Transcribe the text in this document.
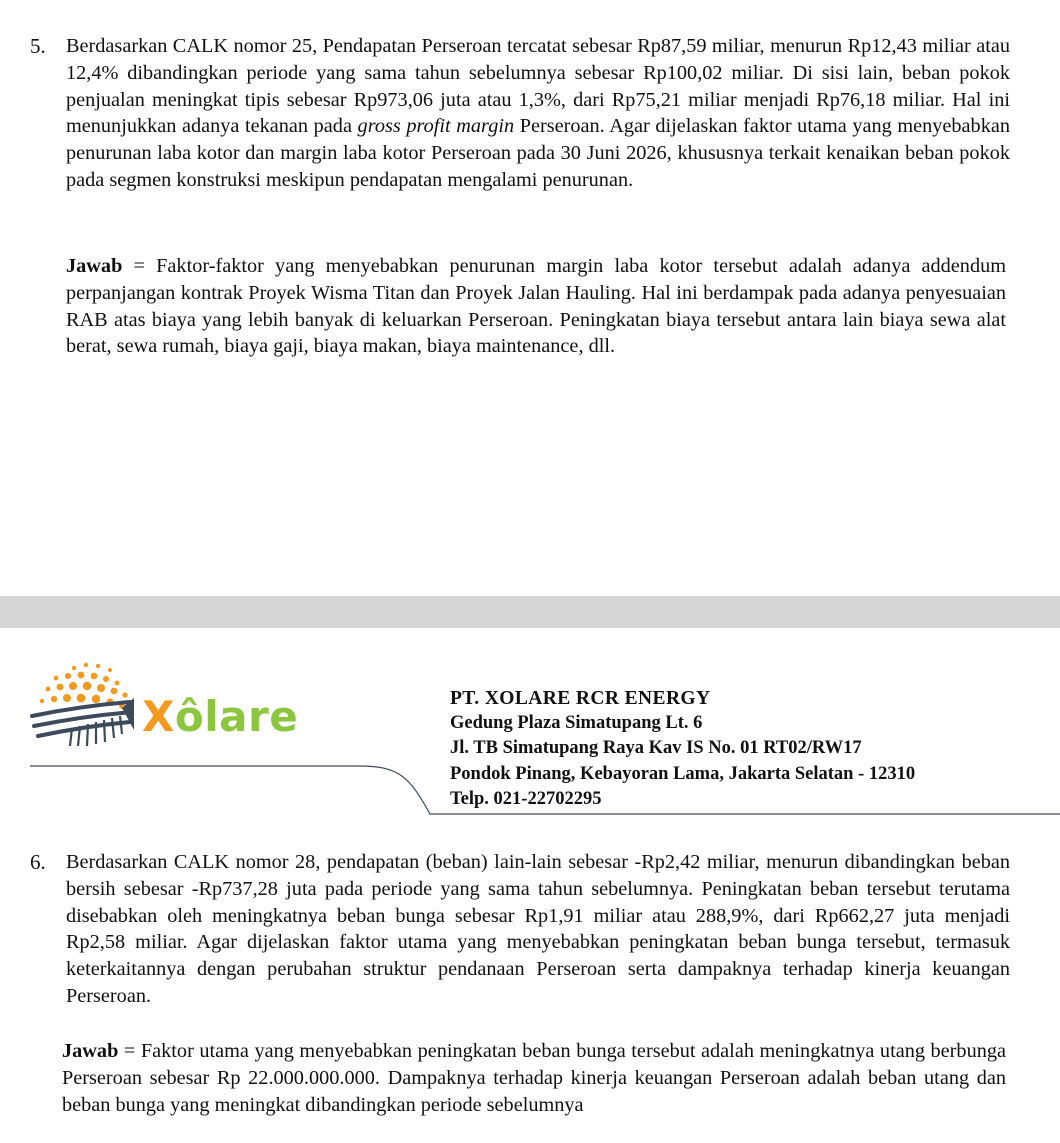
5. Berdasarkan CALK nomor 25, Pendapatan Perseroan tercatat sebesar Rp87,59 miliar, menurun Rp12,43 miliar atau 12,4% dibandingkan periode yang sama tahun sebelumnya sebesar Rp100,02 miliar. Di sisi lain, beban pokok penjualan meningkat tipis sebesar Rp973,06 juta atau 1,3%, dari Rp75,21 miliar menjadi Rp76,18 miliar. Hal ini menunjukkan adanya tekanan pada gross profit margin Perseroan. Agar dijelaskan faktor utama yang menyebabkan penurunan laba kotor dan margin laba kotor Perseroan pada 30 Juni 2026, khususnya terkait kenaikan beban pokok pada segmen konstruksi meskipun pendapatan mengalami penurunan.
Jawab = Faktor-faktor yang menyebabkan penurunan margin laba kotor tersebut adalah adanya addendum perpanjangan kontrak Proyek Wisma Titan dan Proyek Jalan Hauling. Hal ini berdampak pada adanya penyesuaian RAB atas biaya yang lebih banyak di keluarkan Perseroan. Peningkatan biaya tersebut antara lain biaya sewa alat berat, sewa rumah, biaya gaji, biaya makan, biaya maintenance, dll.
Xôlare	PT. XOLARE RCR ENERGY
Gedung Plaza Simatupang Lt. 6
Jl. TB Simatupang Raya Kav IS No. 01 RT02/RW17
Pondok Pinang, Kebayoran Lama, Jakarta Selatan - 12310
Telp. 021-22702295
6. Berdasarkan CALK nomor 28, pendapatan (beban) lain-lain sebesar -Rp2,42 miliar, menurun dibandingkan beban bersih sebesar -Rp737,28 juta pada periode yang sama tahun sebelumnya. Peningkatan beban tersebut terutama disebabkan oleh meningkatnya beban bunga sebesar Rp1,91 miliar atau 288,9%, dari Rp662,27 juta menjadi Rp2,58 miliar. Agar dijelaskan faktor utama yang menyebabkan peningkatan beban bunga tersebut, termasuk keterkaitannya dengan perubahan struktur pendanaan Perseroan serta dampaknya terhadap kinerja keuangan Perseroan.
Jawab = Faktor utama yang menyebabkan peningkatan beban bunga tersebut adalah meningkatnya utang berbunga Perseroan sebesar Rp 22.000.000.000. Dampaknya terhadap kinerja keuangan Perseroan adalah beban utang dan beban bunga yang meningkat dibandingkan periode sebelumnya
